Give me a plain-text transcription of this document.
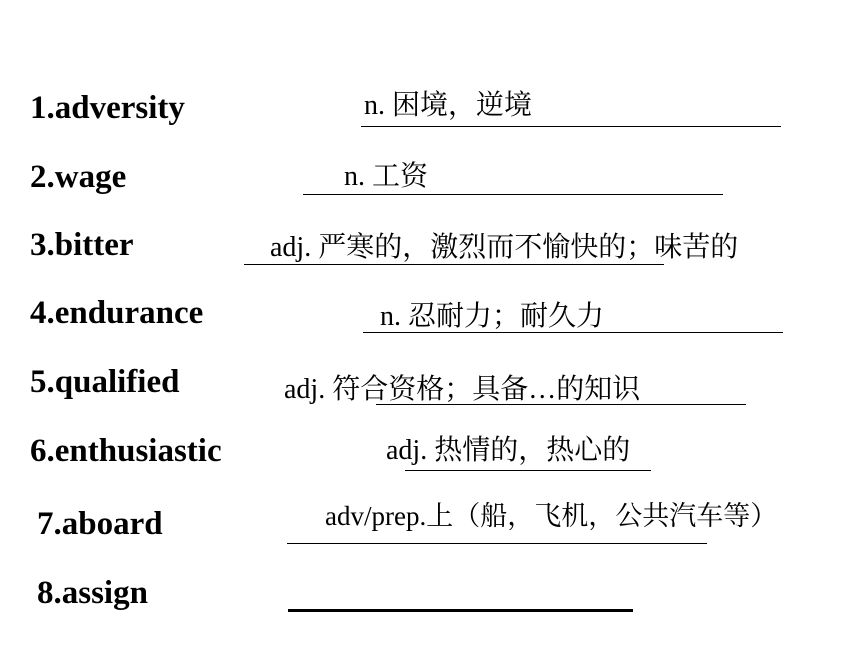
1.adversity	n. 困境，逆境
2.wage	n. 工资
3.bitter	adj. 严寒的，激烈而不愉快的；味苦的
4.endurance	n. 忍耐力；耐久力
5.qualified	adj. 符合资格；具备…的知识
6.enthusiastic	adj. 热情的，热心的
7.aboard	adv/prep.上（船，飞机，公共汽车等）
8.assign
